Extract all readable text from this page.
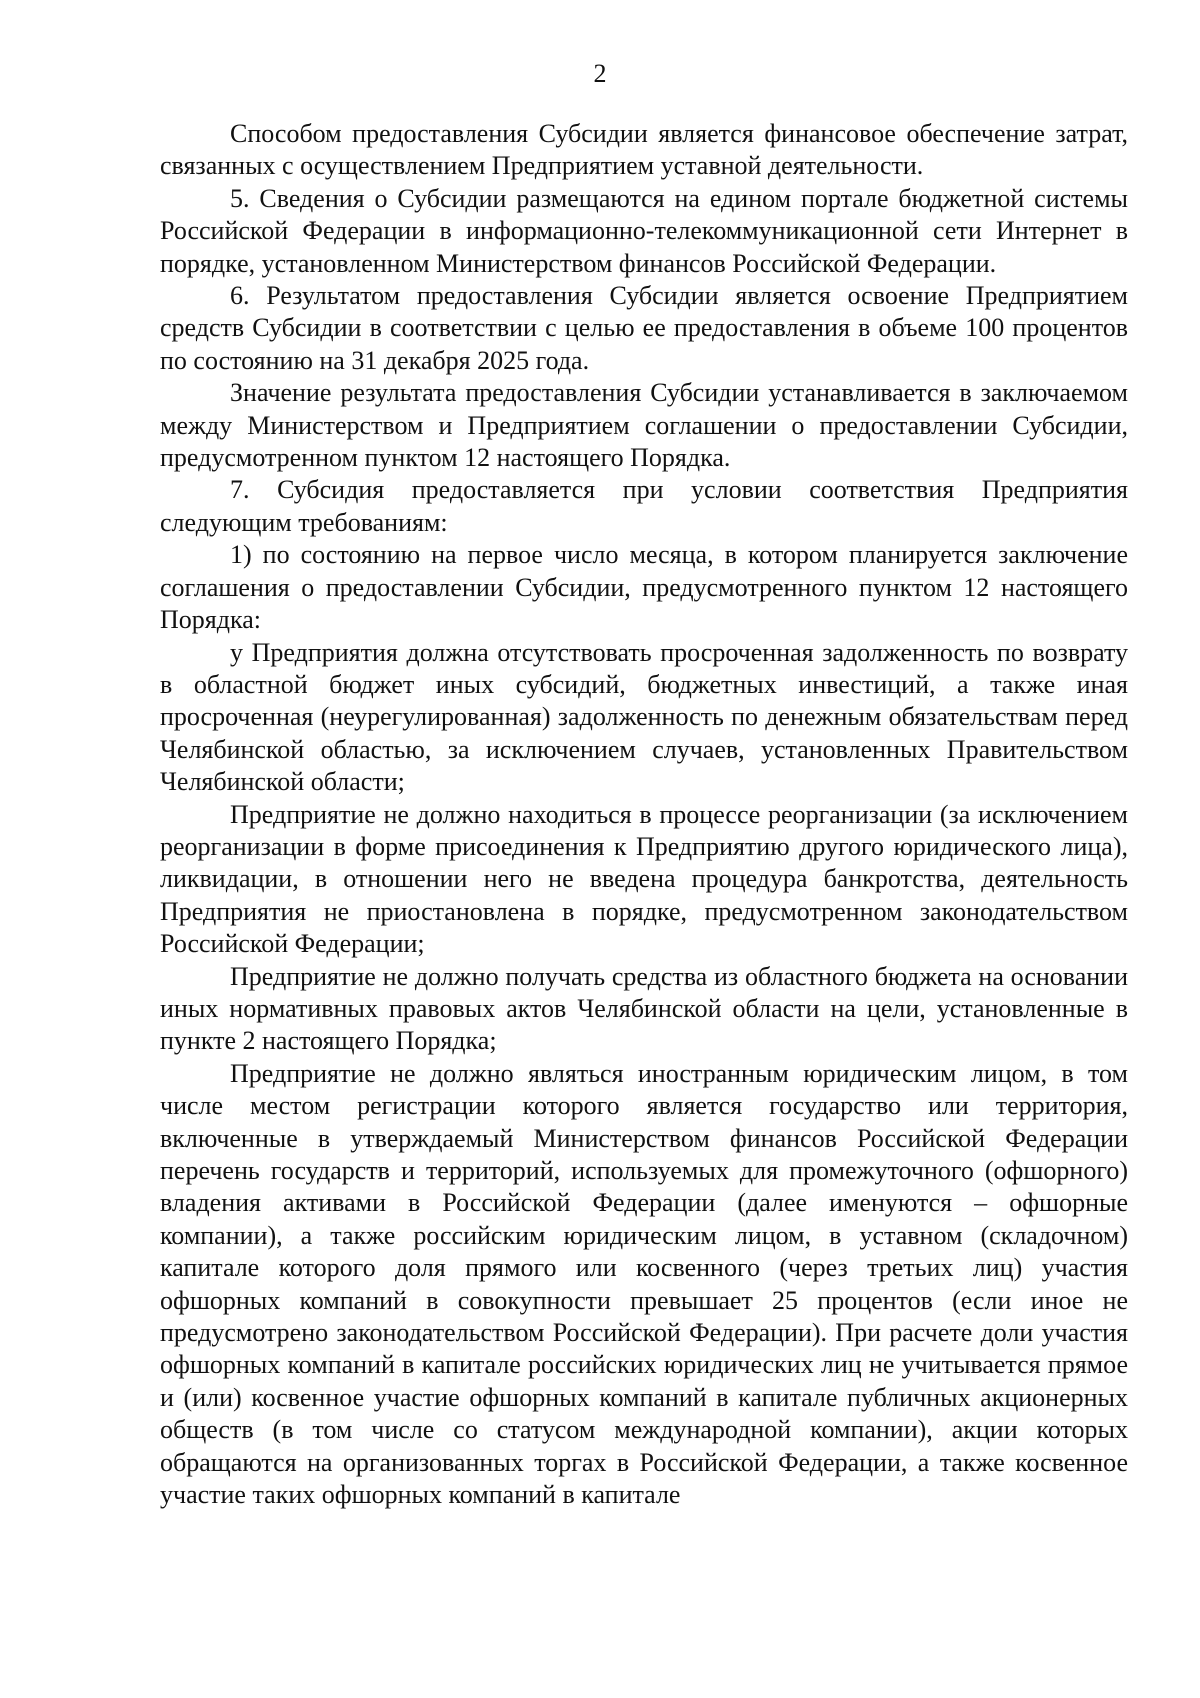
2

Способом предоставления Субсидии является финансовое обеспечение затрат, связанных с осуществлением Предприятием уставной деятельности.

5. Сведения о Субсидии размещаются на едином портале бюджетной системы Российской Федерации в информационно-телекоммуникационной сети Интернет в порядке, установленном Министерством финансов Российской Федерации.

6. Результатом предоставления Субсидии является освоение Предприятием средств Субсидии в соответствии с целью ее предоставления в объеме 100 процентов по состоянию на 31 декабря 2025 года.

Значение результата предоставления Субсидии устанавливается в заключаемом между Министерством и Предприятием соглашении о предоставлении Субсидии, предусмотренном пунктом 12 настоящего Порядка.

7. Субсидия предоставляется при условии соответствия Предприятия следующим требованиям:

1) по состоянию на первое число месяца, в котором планируется заключение соглашения о предоставлении Субсидии, предусмотренного пунктом 12 настоящего Порядка:

у Предприятия должна отсутствовать просроченная задолженность по возврату в областной бюджет иных субсидий, бюджетных инвестиций, а также иная просроченная (неурегулированная) задолженность по денежным обязательствам перед Челябинской областью, за исключением случаев, установленных Правительством Челябинской области;

Предприятие не должно находиться в процессе реорганизации (за исключением реорганизации в форме присоединения к Предприятию другого юридического лица), ликвидации, в отношении него не введена процедура банкротства, деятельность Предприятия не приостановлена в порядке, предусмотренном законодательством Российской Федерации;

Предприятие не должно получать средства из областного бюджета на основании иных нормативных правовых актов Челябинской области на цели, установленные в пункте 2 настоящего Порядка;

Предприятие не должно являться иностранным юридическим лицом, в том числе местом регистрации которого является государство или территория, включенные в утверждаемый Министерством финансов Российской Федерации перечень государств и территорий, используемых для промежуточного (офшорного) владения активами в Российской Федерации (далее именуются – офшорные компании), а также российским юридическим лицом, в уставном (складочном) капитале которого доля прямого или косвенного (через третьих лиц) участия офшорных компаний в совокупности превышает 25 процентов (если иное не предусмотрено законодательством Российской Федерации). При расчете доли участия офшорных компаний в капитале российских юридических лиц не учитывается прямое и (или) косвенное участие офшорных компаний в капитале публичных акционерных обществ (в том числе со статусом международной компании), акции которых обращаются на организованных торгах в Российской Федерации, а также косвенное участие таких офшорных компаний в капитале
